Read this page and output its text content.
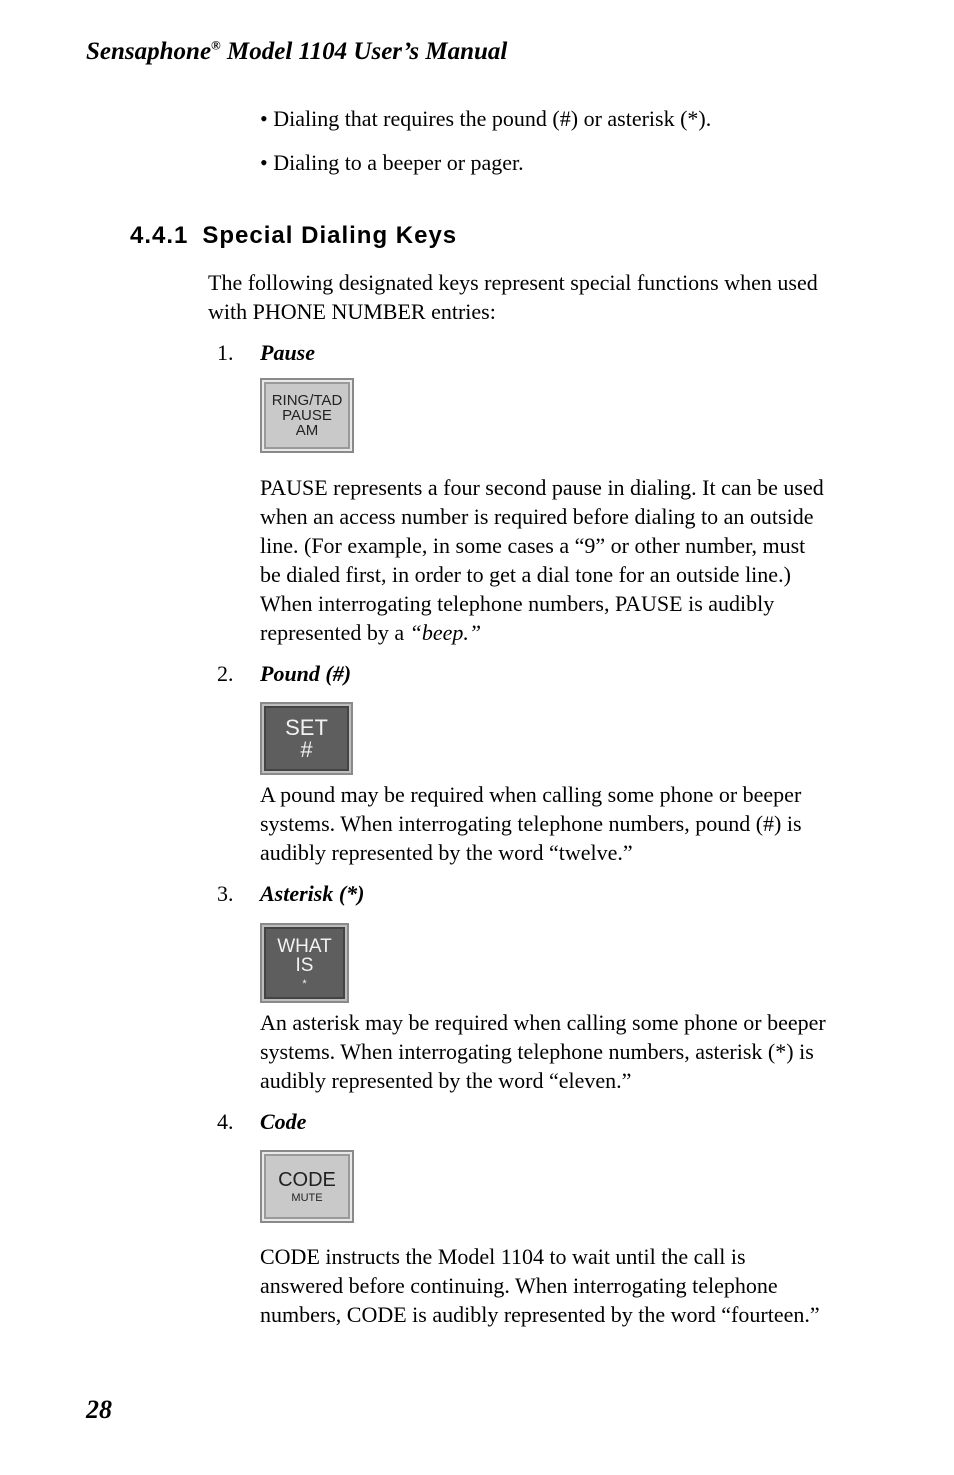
Sensaphone® Model 1104 User’s Manual
• Dialing that requires the pound (#) or asterisk (*).
• Dialing to a beeper or pager.
4.4.1 Special Dialing Keys
The following designated keys represent special functions when used with PHONE NUMBER entries:
1. Pause
RING/TAD
PAUSE
AM
PAUSE represents a four second pause in dialing. It can be used when an access number is required before dialing to an outside line. (For example, in some cases a “9” or other number, must be dialed first, in order to get a dial tone for an outside line.) When interrogating telephone numbers, PAUSE is audibly represented by a “beep.”
2. Pound (#)
SET
#
A pound may be required when calling some phone or beeper systems. When interrogating telephone numbers, pound (#) is audibly represented by the word “twelve.”
3. Asterisk (*)
WHAT
IS
*
An asterisk may be required when calling some phone or beeper systems. When interrogating telephone numbers, asterisk (*) is audibly represented by the word “eleven.”
4. Code
CODE
MUTE
CODE instructs the Model 1104 to wait until the call is answered before continuing. When interrogating telephone numbers, CODE is audibly represented by the word “fourteen.”
28
